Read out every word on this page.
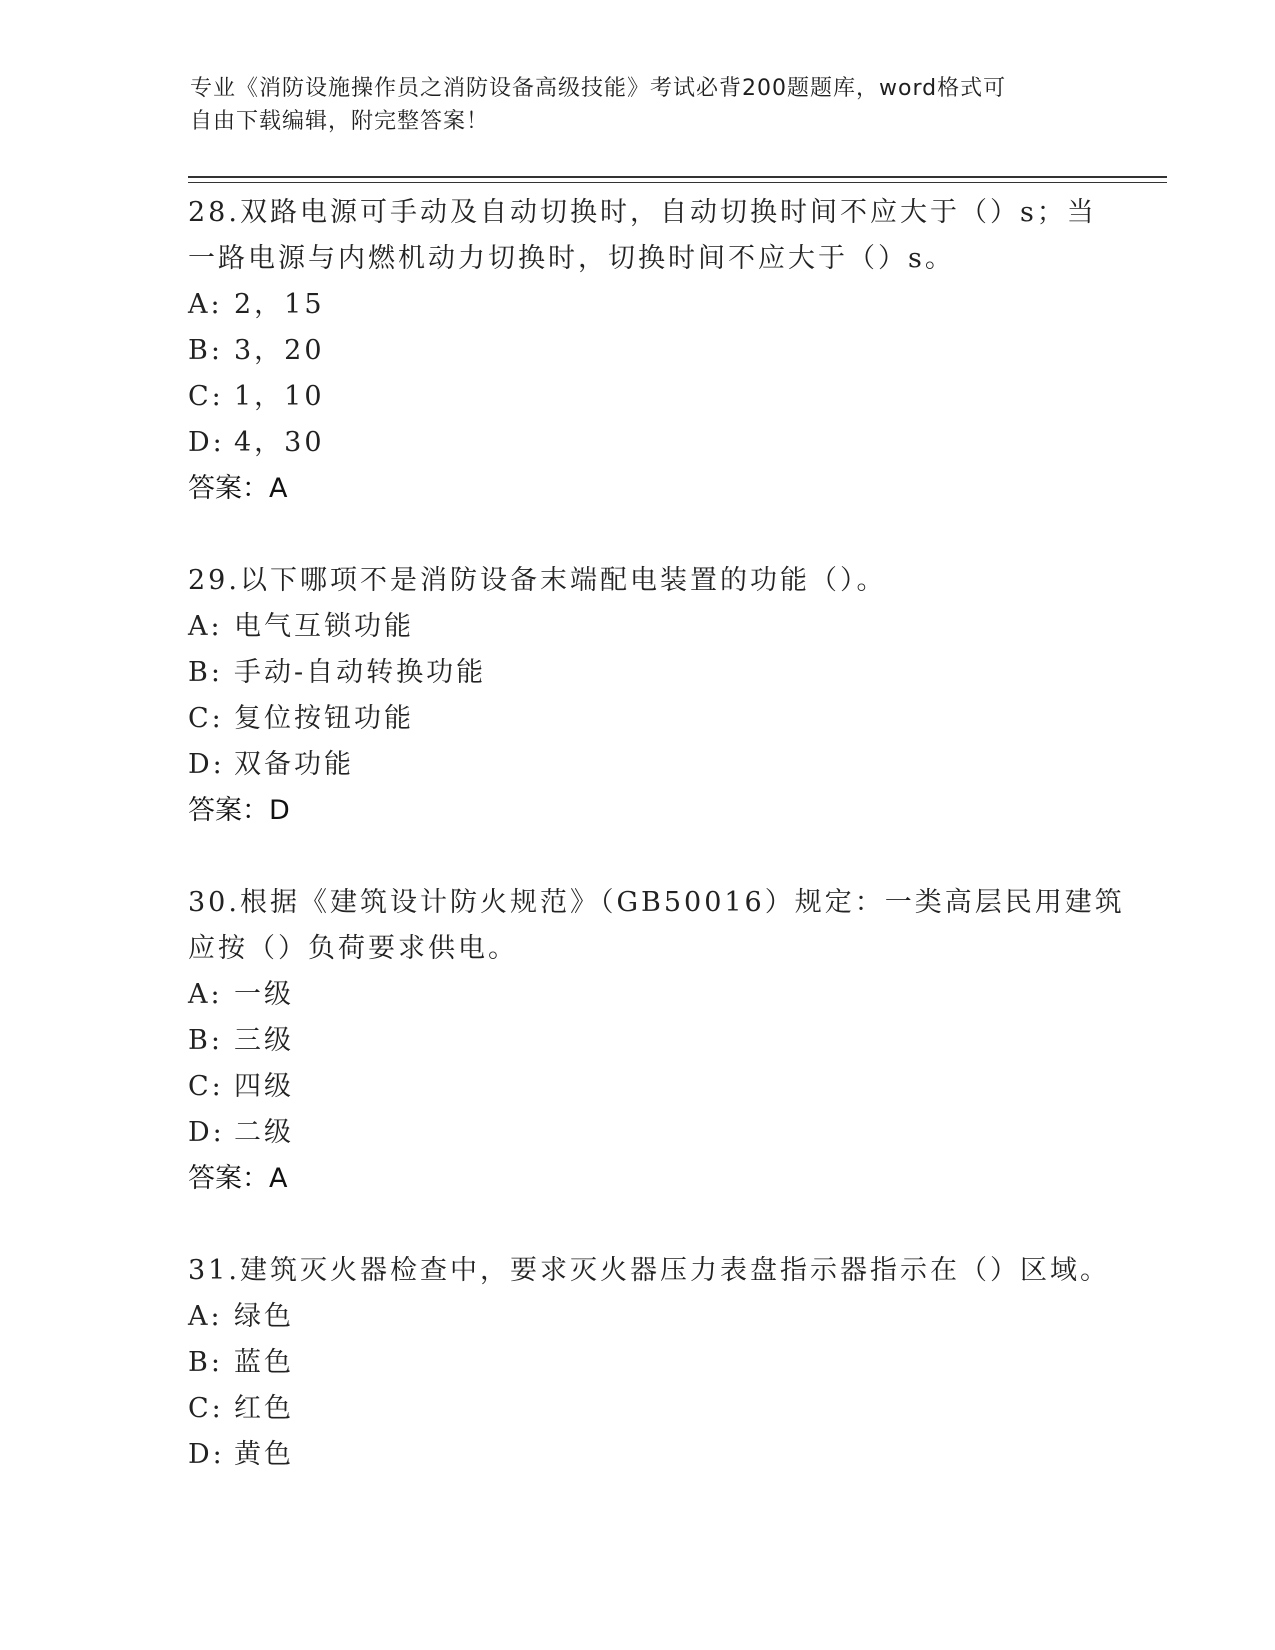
专业《消防设施操作员之消防设备高级技能》考试必背200题题库，word格式可
自由下载编辑，附完整答案！
28.双路电源可手动及自动切换时，自动切换时间不应大于（）s；当
一路电源与内燃机动力切换时，切换时间不应大于（）s。
A: 2，15
B: 3，20
C: 1，10
D: 4，30
答案：A
29.以下哪项不是消防设备末端配电装置的功能（）。
A: 电气互锁功能
B: 手动-自动转换功能
C: 复位按钮功能
D: 双备功能
答案：D
30.根据《建筑设计防火规范》（GB50016）规定：一类高层民用建筑
应按（）负荷要求供电。
A: 一级
B: 三级
C: 四级
D: 二级
答案：A
31.建筑灭火器检查中，要求灭火器压力表盘指示器指示在（）区域。
A: 绿色
B: 蓝色
C: 红色
D: 黄色
